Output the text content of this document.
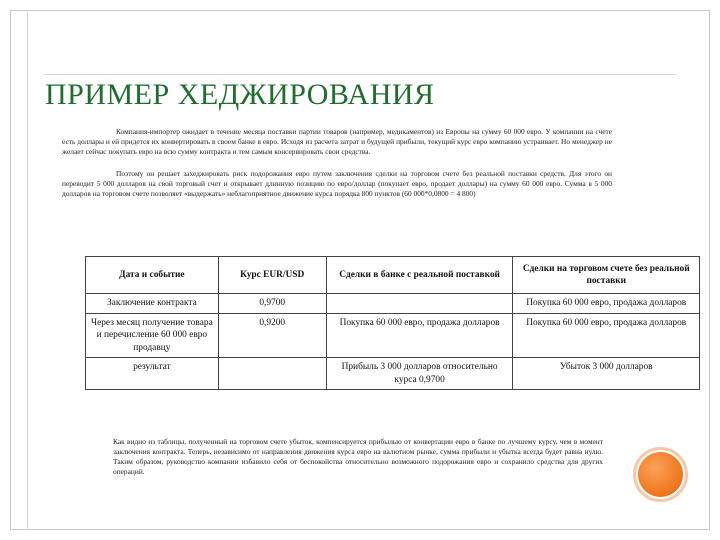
ПРИМЕР ХЕДЖИРОВАНИЯ
Компания-импортер ожидает в течение месяца поставки партии товаров (например, медикаментов) из Европы на сумму 60 000 евро. У компании на счете есть доллары и ей придется их конвертировать в своем банке в евро. Исходя из расчета затрат и будущей прибыли, текущий курс евро компанию устраивает. Но менеджер не желает сейчас покупать евро на всю сумму контракта и тем самым консервировать свои средства.
Поэтому он решает захеджировать риск подорожания евро путем заключения сделки на торговом счете без реальной поставки средств. Для этого он переводит 5 000 долларов на свой торговый счет и открывает длинную позицию по евро/доллар (покупает евро, продает доллары) на сумму 60 000 евро. Сумма в 5 000 долларов на торговом счете позволяет «выдержать» неблагоприятное движение курса порядка 800 пунктов (60 000*0,0800 = 4 800)
Дата и событие	Курс EUR/USD	Сделки в банке с реальной поставкой	Сделки на торговом счете без реальной поставки
Заключение контракта	0,9700		Покупка 60 000 евро, продажа долларов
Через месяц получение товара и перечисление 60 000 евро продавцу	0,9200	Покупка 60 000 евро, продажа долларов	Покупка 60 000 евро, продажа долларов
результат		Прибыль 3 000 долларов относительно курса 0,9700	Убыток 3 000 долларов
Как видно из таблицы, полученный на торговом счете убыток, компенсируется прибылью от конвертации евро в банке по лучшему курсу, чем в момент заключения контракта. Теперь, независимо от направления движения курса евро на валютном рынке, сумма прибыли и убытка всегда будет равна нулю. Таким образом, руководство компании избавило себя от беспокойства относительно возможного подорожания евро и сохранило средства для других операций.
